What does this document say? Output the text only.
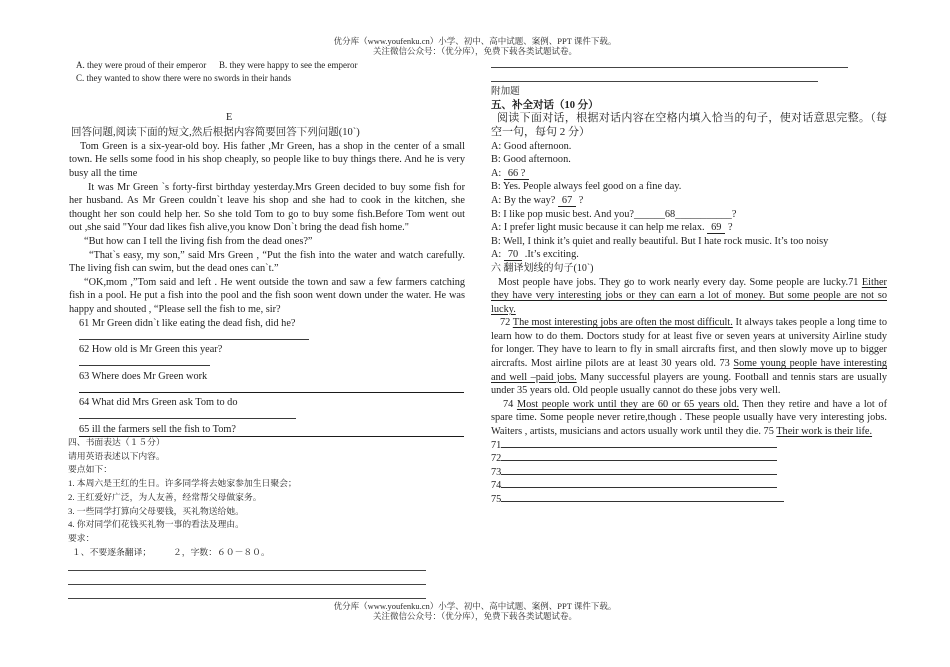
优分库（www.youfenku.cn）小学、初中、高中试题、案例、PPT 课件下载。
关注微信公众号：（优分库），免费下载各类试题试卷。
A. they were proud of their emperor B. they were happy to see the emperor
C. they wanted to show there were no swords in their hands
E
回答问题,阅读下面的短文,然后根据内容简要回答下列问题(10`)

Tom Green is a six-year-old boy. His father ,Mr Green, has a shop in the center of a small town. He sells some food in his shop cheaply, so people like to buy things there. And he is very busy all the time

It was Mr Green `s forty-first birthday yesterday.Mrs Green decided to buy some fish for her husband. As Mr Green couldn`t leave his shop and she had to cook in the kitchen, she thought her son could help her. So she told Tom to go to buy some fish.Before Tom went out out ,she said "Your dad likes fish alive,you know Don`t bring the dead fish home."

“But how can I tell the living fish from the dead ones?”

“That`s easy, my son,” said Mrs Green , “Put the fish into the water and watch carefully. The living fish can swim, but the dead ones can`t.”

“OK,mom ,”Tom said and left . He went outside the town and saw a few farmers catching fish in a pool. He put a fish into the pool and the fish soon went down under the water. He was happy and shouted , “Please sell the fish to me, sir?

61 Mr Green didn`t like eating the dead fish, did he?
62 How old is Mr Green this year?
63 Where does Mr Green work
64 What did Mrs Green ask Tom to do
65 ill the farmers sell the fish to Tom?
四、书面表达（１５分）
请用英语表述以下内容。
要点如下：
1. 本周六是王红的生日。许多同学将去她家参加生日聚会；
2. 王红爱好广泛，为人友善，经常帮父母做家务。
3. 一些同学打算向父母要钱，买礼物送给她。
4. 你对同学们花钱买礼物一事的看法及理由。
要求：
１、不要逐条翻译； ２，字数：６０－８０。
附加题
五、补全对话（10 分）
阅读下面对话，根据对话内容在空格内填入恰当的句子，使对话意思完整。（每空一句，每句 2 分）
A: Good afternoon.
B: Good afternoon.
A: 66 ?
B: Yes. People always feel good on a fine day.
A: By the way? 67 ?
B: I like pop music best. And you?______68___________?
A: I prefer light music because it can help me relax. 69 ?
B: Well, I think it’s quiet and really beautiful. But I hate rock music. It’s too noisy
A: 70 .It’s exciting.
六 翻译划线的句子(10`)

Most people have jobs. They go to work nearly every day. Some people are lucky.71 Either they have very interesting jobs or they can earn a lot of money. But some people are not so lucky.

72 The most interesting jobs are often the most difficult. It always takes people a long time to learn how to do them. Doctors study for at least five or seven years at university Airline study for longer. They have to learn to fly in small aircrafts first, and then slowly move up to bigger aircrafts. Most airline pilots are at least 30 years old. 73 Some young people have interesting and well –paid jobs. Many successful players are young. Football and tennis stars are usually under 35 years old. Old people usually cannot do these jobs very well.

74 Most people work until they are 60 or 65 years old. Then they retire and have a lot of spare time. Some people never retire,though . These people usually have very interesting jobs. Waiters , artists, musicians and actors usually work until they die. 75 Their work is their life.

71
72
73
74
75
优分库（www.youfenku.cn）小学、初中、高中试题、案例、PPT 课件下载。
关注微信公众号：（优分库），免费下载各类试题试卷。
